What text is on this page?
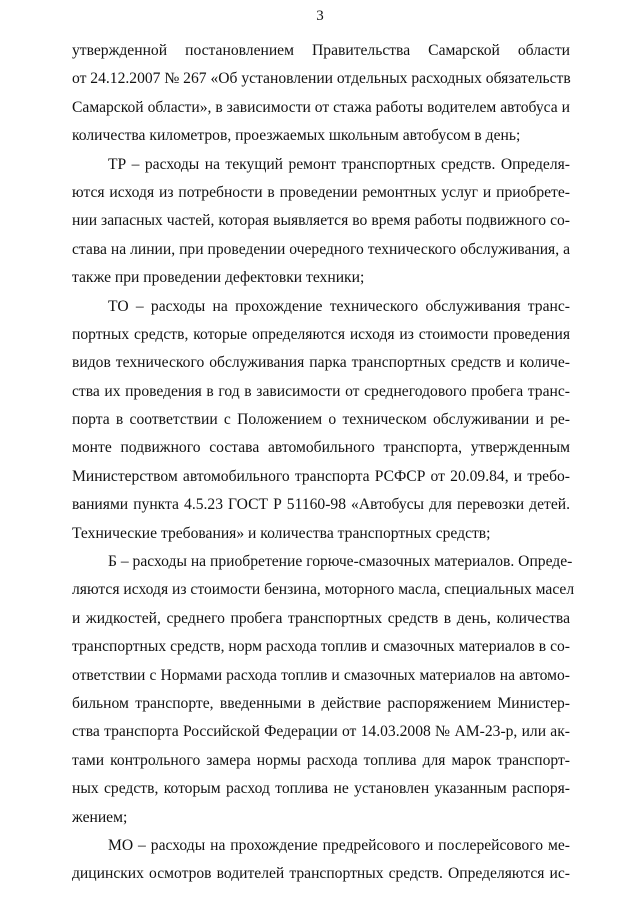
3
утвержденной постановлением Правительства Самарской области
от 24.12.2007 № 267 «Об установлении отдельных расходных обязательств
Самарской области», в зависимости от стажа работы водителем автобуса и
количества километров, проезжаемых школьным автобусом в день;
ТР – расходы на текущий ремонт транспортных средств. Определя-
ются исходя из потребности в проведении ремонтных услуг и приобрете-
нии запасных частей, которая выявляется во время работы подвижного со-
става на линии, при проведении очередного технического обслуживания, а
также при проведении дефектовки техники;
ТО – расходы на прохождение технического обслуживания транс-
портных средств, которые определяются исходя из стоимости проведения
видов технического обслуживания парка транспортных средств и количе-
ства их проведения в год в зависимости от среднегодового пробега транс-
порта в соответствии с Положением о техническом обслуживании и ре-
монте подвижного состава автомобильного транспорта, утвержденным
Министерством автомобильного транспорта РСФСР от 20.09.84, и требо-
ваниями пункта 4.5.23 ГОСТ Р 51160-98 «Автобусы для перевозки детей.
Технические требования» и количества транспортных средств;
Б – расходы на приобретение горюче-смазочных материалов. Опреде-
ляются исходя из стоимости бензина, моторного масла, специальных масел
и жидкостей, среднего пробега транспортных средств в день, количества
транспортных средств, норм расхода топлив и смазочных материалов в со-
ответствии с Нормами расхода топлив и смазочных материалов на автомо-
бильном транспорте, введенными в действие распоряжением Министер-
ства транспорта Российской Федерации от 14.03.2008 № АМ-23-р, или ак-
тами контрольного замера нормы расхода топлива для марок транспорт-
ных средств, которым расход топлива не установлен указанным распоря-
жением;
МО – расходы на прохождение предрейсового и послерейсового ме-
дицинских осмотров водителей транспортных средств. Определяются ис-
